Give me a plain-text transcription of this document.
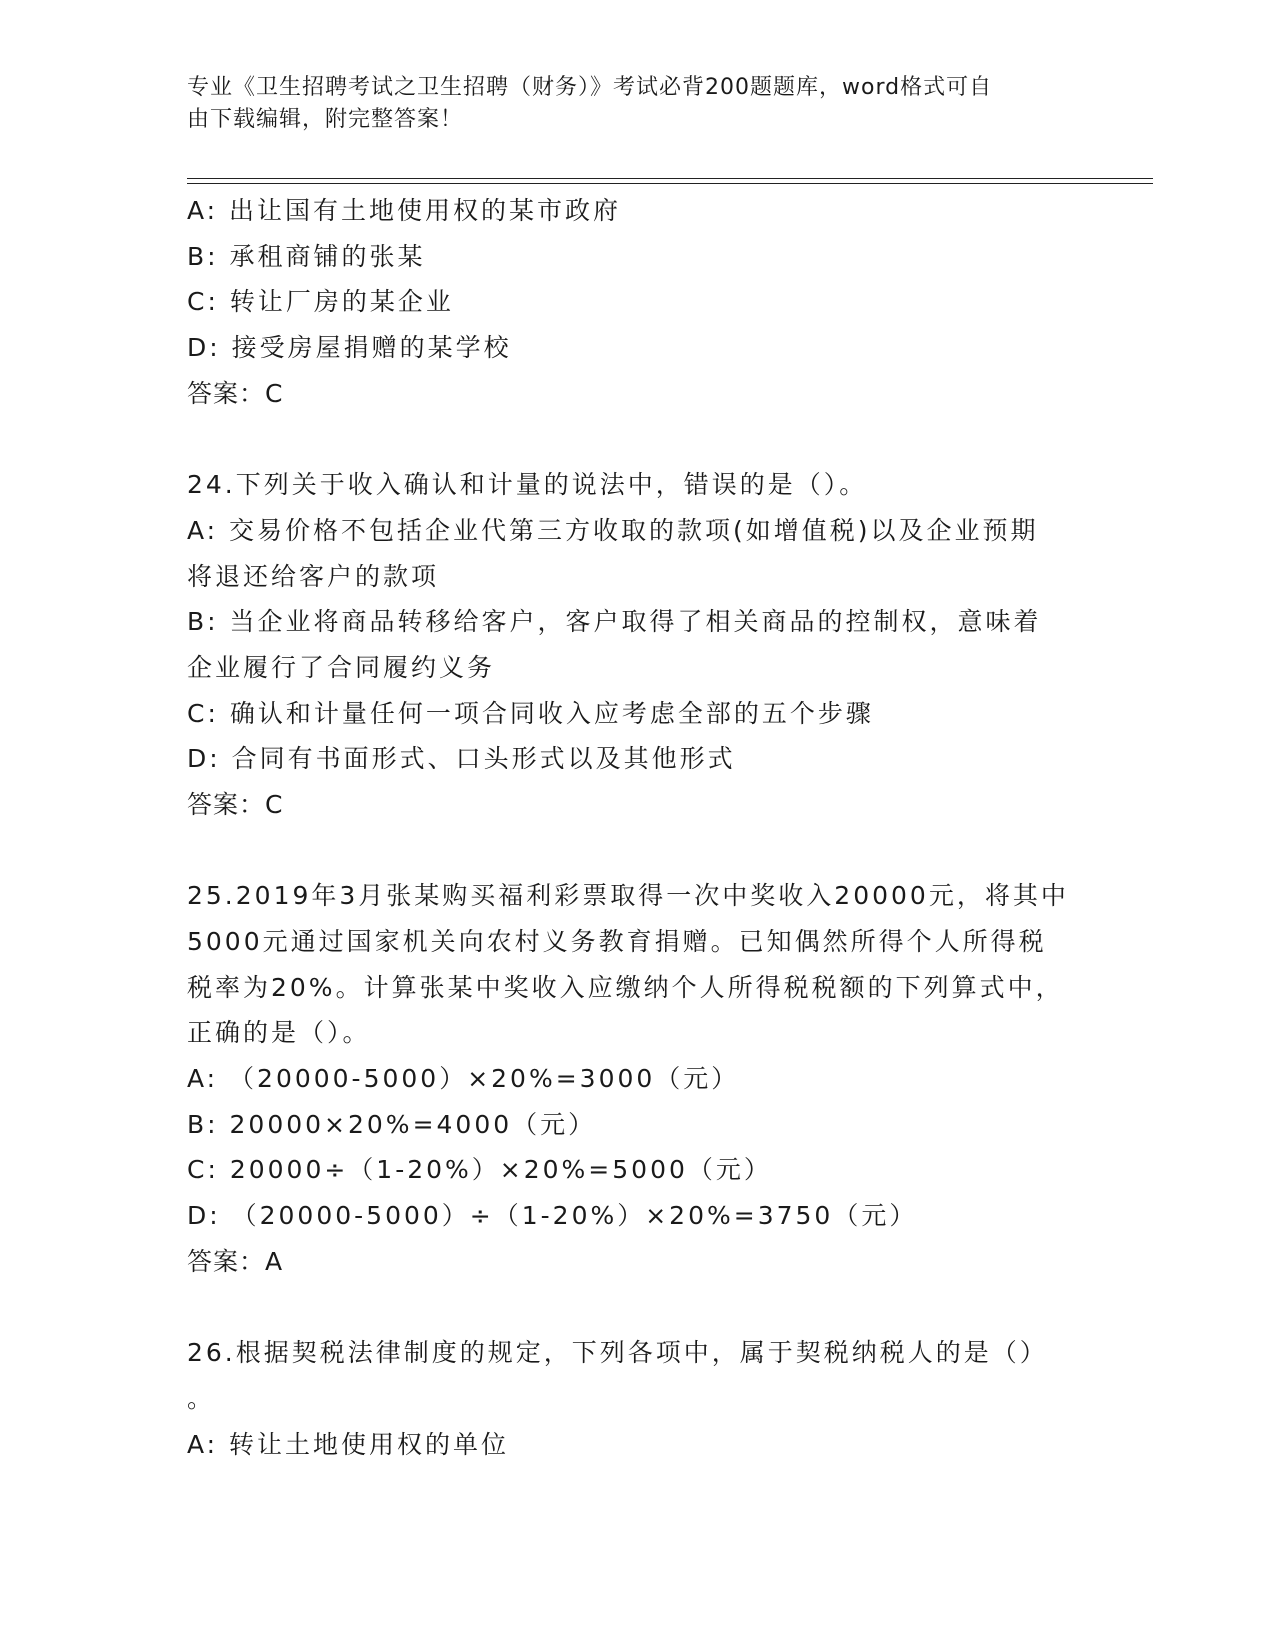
专业《卫生招聘考试之卫生招聘（财务）》考试必背200题题库，word格式可自
由下载编辑，附完整答案！
A: 出让国有土地使用权的某市政府
B: 承租商铺的张某
C: 转让厂房的某企业
D: 接受房屋捐赠的某学校
答案：C
24.下列关于收入确认和计量的说法中，错误的是（）。
A: 交易价格不包括企业代第三方收取的款项(如增值税)以及企业预期
将退还给客户的款项
B: 当企业将商品转移给客户，客户取得了相关商品的控制权，意味着
企业履行了合同履约义务
C: 确认和计量任何一项合同收入应考虑全部的五个步骤
D: 合同有书面形式、口头形式以及其他形式
答案：C
25.2019年3月张某购买福利彩票取得一次中奖收入20000元，将其中
5000元通过国家机关向农村义务教育捐赠。已知偶然所得个人所得税
税率为20%。计算张某中奖收入应缴纳个人所得税税额的下列算式中，
正确的是（）。
A: （20000-5000）×20%=3000（元）
B: 20000×20%=4000（元）
C: 20000÷（1-20%）×20%=5000（元）
D: （20000-5000）÷（1-20%）×20%=3750（元）
答案：A
26.根据契税法律制度的规定，下列各项中，属于契税纳税人的是（）
。
A: 转让土地使用权的单位
